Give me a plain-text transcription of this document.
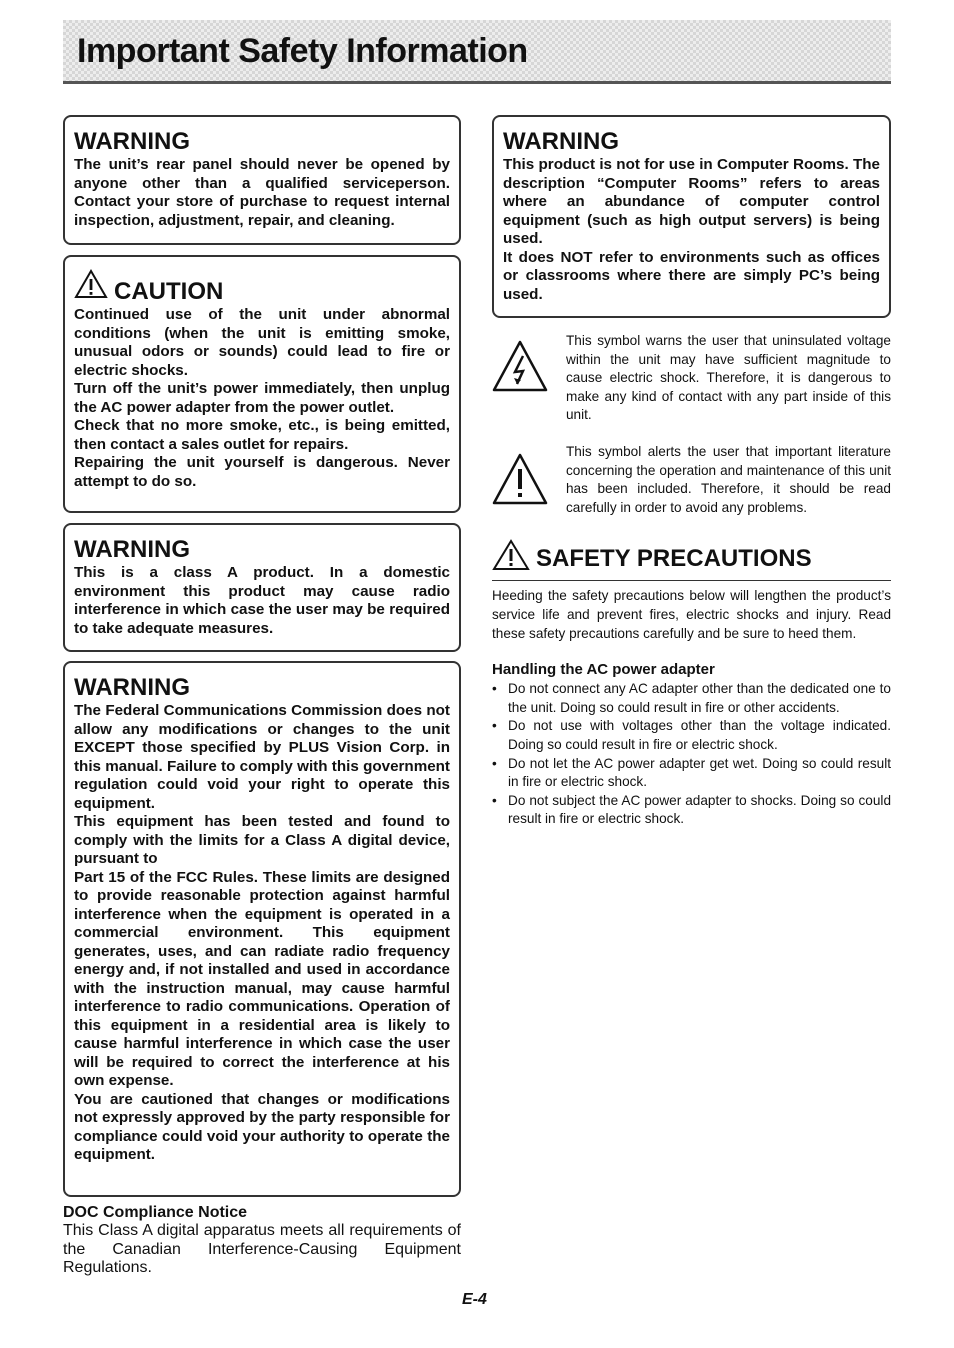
Important Safety Information
WARNING

The unit’s rear panel should never be opened by anyone other than a qualified serviceperson. Contact your store of purchase to request internal inspection, adjustment, repair, and cleaning.

CAUTION

Continued use of the unit under abnormal conditions (when the unit is emitting smoke, unusual odors or sounds) could lead to fire or electric shocks.

Turn off the unit’s power immediately, then unplug the AC power adapter from the power outlet.

Check that no more smoke, etc., is being emitted, then contact a sales outlet for repairs.

Repairing the unit yourself is dangerous. Never attempt to do so.

WARNING

This is a class A product. In a domestic environment this product may cause radio interference in which case the user may be required to take adequate measures.

WARNING

The Federal Communications Commission does not allow any modifications or changes to the unit EXCEPT those specified by PLUS Vision Corp. in this manual. Failure to comply with this government regulation could void your right to operate this equipment.

This equipment has been tested and found to comply with the limits for a Class A digital device, pursuant to

Part 15 of the FCC Rules. These limits are designed to provide reasonable protection against harmful interference when the equipment is operated in a commercial environment. This equipment generates, uses, and can radiate radio frequency energy and, if not installed and used in accordance with the instruction manual, may cause harmful interference to radio communications. Operation of this equipment in a residential area is likely to cause harmful interference in which case the user will be required to correct the interference at his own expense.

You are cautioned that changes or modifications not expressly approved by the party responsible for compliance could void your authority to operate the equipment.

DOC Compliance Notice

This Class A digital apparatus meets all requirements of the Canadian Interference-Causing Equipment Regulations.

WARNING

This product is not for use in Computer Rooms. The description “Computer Rooms” refers to areas where an abundance of computer control equipment (such as high output servers) is being used.

It does NOT refer to environments such as offices or classrooms where there are simply PC’s being used.

This symbol warns the user that uninsulated voltage within the unit may have sufficient magnitude to cause electric shock. Therefore, it is dangerous to make any kind of contact with any part inside of this unit.

This symbol alerts the user that important literature concerning the operation and maintenance of this unit has been included. Therefore, it should be read carefully in order to avoid any problems.

SAFETY PRECAUTIONS

Heeding the safety precautions below will lengthen the product’s service life and prevent fires, electric shocks and injury. Read these safety precautions carefully and be sure to heed them.

Handling the AC power adapter

• Do not connect any AC adapter other than the dedicated one to the unit. Doing so could result in fire or other accidents.
• Do not use with voltages other than the voltage indicated. Doing so could result in fire or electric shock.
• Do not let the AC power adapter get wet. Doing so could result in fire or electric shock.
• Do not subject the AC power adapter to shocks. Doing so could result in fire or electric shock.
E-4
